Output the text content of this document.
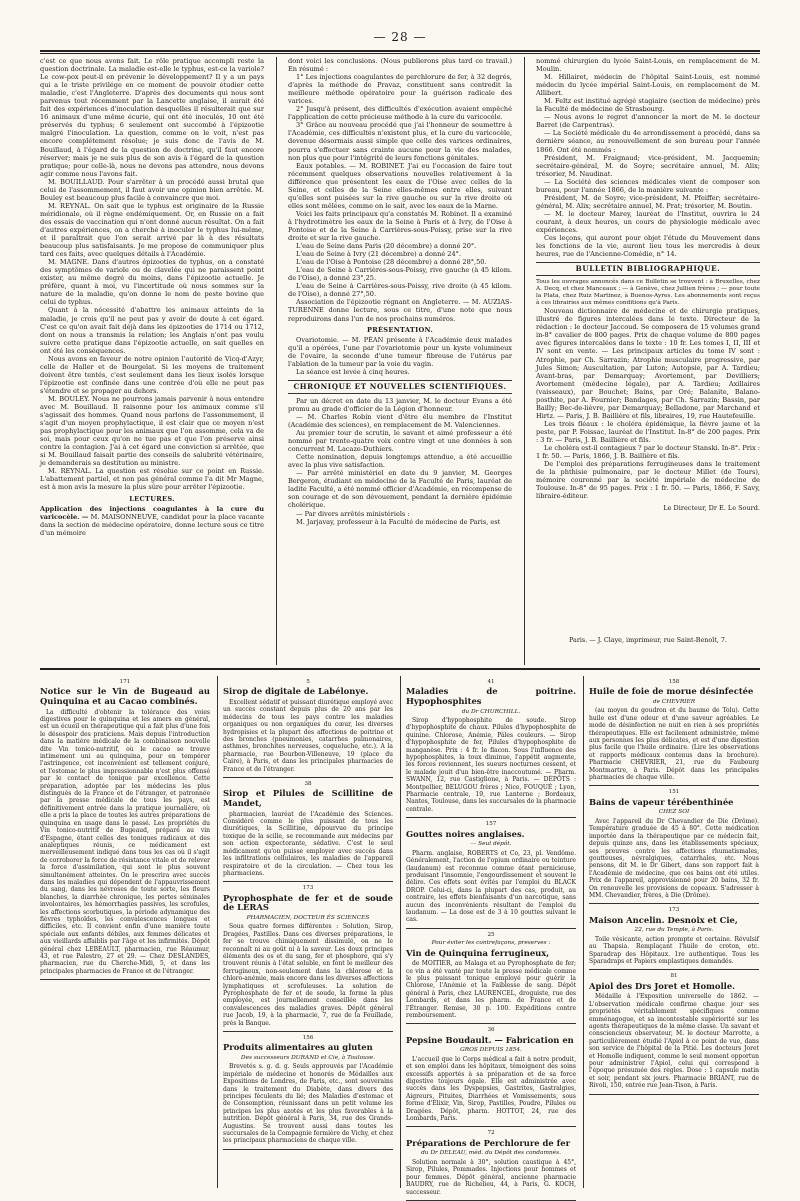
— 28 —

c'est ce que nous avons fait. Le rôle pratique accompli reste la question doctrinale. La maladie est-elle le typhus, est-ce la variole? Le cow-pox peut-il en prévenir le développement? Il y a un pays qui a le triste privilége en ce moment de pouvoir étudier cette maladie, c'est l'Angleterre. D'après des documents qui nous sont parvenus tout récemment par la Lancette anglaise, il aurait été fait des expériences d'inoculation desquelles il résulterait que sur 16 animaux d'une même écurie, qui ont été inoculés, 10 ont été préservés du typhus; 6 seulement ont succombé à l'épizootie malgré l'inoculation. La question, comme on le voit, n'est pas encore complétement résolue; je suis donc de l'avis de M. Bouillaud, à l'égard de la question de doctrine, qu'il faut encore réserver; mais je ne suis plus de son avis à l'égard de la question pratique; pour celle-là, nous ne devons pas attendre, nous devons agir comme nous l'avons fait.

M. BOUILLAUD. Pour s'arrêter à un procédé aussi brutal que celui de l'assommement, il faut avoir une opinion bien arrêtée. M. Bouley est beaucoup plus facile à convaincre que moi.

M. REYNAL. On sait que le typhus est originaire de la Russie méridionale, où il règne endémiquement. Or, en Russie on a fait des essais de vaccination qui n'ont donné aucun résultat. On a fait d'autres expériences, on a cherché à inoculer le typhus lui-même, et il paraîtrait que l'on serait arrivé par là à des résultats beaucoup plus satisfaisants. Je me propose de communiquer plus tard ces faits, avec quelques détails à l'Académie.

M. MAGNE. Dans d'autres épizooties de typhus, on a constaté des symptômes de variole ou de clavelée qui ne paraissent point exister, au même degré du moins, dans l'épizootie actuelle. Je préfère, quant à moi, vu l'incertitude où nous sommes sur la nature de la maladie, qu'on donne le nom de peste bovine que celui de typhus.

Quant à la nécessité d'abattre les animaux atteints de la maladie, je crois qu'il ne peut pas y avoir de doute à cet égard. C'est ce qu'on avait fait déjà dans les épizooties de 1714 ou 1712, dont on nous a transmis la relation; les Anglais n'ont pas voulu suivre cette pratique dans l'épizootie actuelle, on sait quelles en ont été les conséquences.

Nous avons en faveur de notre opinion l'autorité de Vicq-d'Azyr, celle de Haller et de Bourgelat. Si les moyens de traitement doivent être tentés, c'est seulement dans les lieux isolés lorsque l'épizootie est confinée dans une contrée d'où elle ne peut pas s'étendre et se propager au dehors.

M. BOULEY. Nous ne pourrons jamais parvenir à nous entendre avec M. Bouillaud. Il raisonne pour les animaux comme s'il s'agissait des hommes. Quand nous parlons de l'assommement, il s'agit d'un moyen prophylactique, il est clair que ce moyen n'est pas prophylactique pour les animaux que l'on assomme, cela va de soi, mais pour ceux qu'on ne tue pas et que l'on préserve ainsi contre la contagion. J'ai à cet égard une conviction si arrêtée, que si M. Bouillaud faisait partie des conseils de salubrité vétérinaire, je demanderais sa destitution au ministre.

M. REYNAL. La question est résolue sur ce point en Russie. L'abattement partiel, et non pas général comme l'a dit Mr Magne, est à mon avis la mesure la plus sûre pour arrêter l'épizootie.

LECTURES.

Application des injections coagulantes à la cure du varicocèle. — M. MAISONNEUVE, candidat pour la place vacante dans la section de médecine opératoire, donne lecture sous ce titre d'un mémoire

dont voici les conclusions. (Nous publierons plus tard ce travail.) En résumé :

1° Les injections coagulantes de perchlorure de fer, à 32 degrés, d'après la méthode de Pravaz, constituent sans contredit la meilleure méthode opératoire pour la guérison radicale des varices.

2° Jusqu'à présent, des difficultés d'exécution avaient empêché l'application de cette précieuse méthode à la cure du varicocèle.

3° Grâce au nouveau procédé que j'ai l'honneur de soumettre à l'Académie, ces difficultés n'existent plus, et la cure du varicocèle, devenue désormais aussi simple que celle des varices ordinaires, pourra s'effectuer sans crainte aucune pour la vie des malades, non plus que pour l'intégrité de leurs fonctions génitales.

Eaux potables. — M. ROBINET. J'ai eu l'occasion de faire tout récemment quelques observations nouvelles relativement à la différence que présentent les eaux de l'Oise avec celles de la Seine, et celles de la Seine elles-mêmes entre elles, suivant qu'elles sont puisées sur la rive gauche ou sur la rive droite où elles sont mêlées, comme on le sait, avec les eaux de la Marne.

Voici les faits principaux qu'a constatés M. Robinet. Il a examiné à l'hydrotimètre les eaux de la Seine à Paris et à Ivry, de l'Oise à Pontoise et de la Seine à Carrières-sous-Poissy, prise sur la rive droite et sur la rive gauche.

L'eau de Seine dans Paris (20 décembre) a donné 20°.

L'eau de Seine à Ivry (21 décembre) a donné 24°.

L'eau de l'Oise à Pontoise (28 décembre) a donné 28°,50.

L'eau de Seine à Carrières-sous-Poissy, rive gauche (à 45 kilom. de l'Oise), a donné 23°,25.

L'eau de Seine à Carrières-sous-Poissy, rive droite (à 45 kilom. de l'Oise), a donné 27°,50.

Association de l'épizootie régnant en Angleterre. — M. AUZIAS-TURENNE donne lecture, sous ce titre, d'une note que nous reproduirons dans l'un de nos prochains numéros.

PRÉSENTATION.

Ovariotomie. — M. PÉAN présente à l'Académie deux malades qu'il a opérées, l'une par l'ovariotomie pour un kyste volumineux de l'ovaire, la seconde d'une tumeur fibreuse de l'utérus par l'ablation de la tumeur par la voie du vagin.

La séance est levée à cinq heures.

CHRONIQUE ET NOUVELLES SCIENTIFIQUES.

Par un décret en date du 13 janvier, M. le docteur Evans a été promu au grade d'officier de la Légion d'honneur.

— M. Charles Robin vient d'être élu membre de l'Institut (Académie des sciences), en remplacement de M. Valenciennes.

Au premier tour de scrutin, le savant et aimé professeur a été nommé par trente-quatre voix contre vingt et une données à son concurrent M. Lacaze-Duthiers.

Cette nomination, depuis longtemps attendue, a été accueillie avec la plus vive satisfaction.

— Par arrêté ministériel en date du 9 janvier, M. Georges Bergeron, étudiant en médecine de la Faculté de Paris, lauréat de ladite Faculté, a été nommé officier d'Académie, en récompense de son courage et de son dévouement, pendant la dernière épidémie cholérique.

— Par divers arrêtés ministériels :

M. Jarjavay, professeur à la Faculté de médecine de Paris, est

nommé chirurgien du lycée Saint-Louis, en remplacement de M. Moulin.

M. Hillairet, médecin de l'hôpital Saint-Louis, est nommé médecin du lycée impérial Saint-Louis, en remplacement de M. Allibert.

M. Feltz est institué agrégé stagiaire (section de médecine) près la Faculté de médecine de Strasbourg.

— Nous avons le regret d'annoncer la mort de M. le docteur Barret (de Carpentras).

— La Société médicale du 4e arrondissement a procédé, dans sa dernière séance, au renouvellement de son bureau pour l'année 1866. Ont été nommés :

Président, M. Fraignaud; vice-président, M. Jacquemin; secrétaire-général, M. de Soyre; secrétaire annuel, M. Alix; trésorier, M. Naudinat.

— La Société des sciences médicales vient de composer son bureau, pour l'année 1866, de la manière suivante :

Président, M. de Soyre; vice-président, M. Pfeiffer; secrétaire-général, M. Alix; secrétaire annuel, M. Prat; trésorier, M. Boutin.

— M. le docteur Marey, lauréat de l'Institut, ouvrira le 24 courant, à deux heures, un cours de physiologie médicale avec expériences.

Ces leçons, qui auront pour objet l'étude du Mouvement dans les fonctions de la vie, auront lieu tous les mercredis à deux heures, rue de l'Ancienne-Comédie, n° 14.

BULLETIN BIBLIOGRAPHIQUE.

Tous les ouvrages annoncés dans ce Bulletin se trouvent : à Bruxelles, chez A. Decq, et chez Manceaux ; — à Genève, chez Jullien frères ; — pour toute la Plata, chez Ruiz Martinez, à Buenos-Ayres. Les abonnements sont reçus à ces librairies aux mêmes conditions qu'à Paris.

Nouveau dictionnaire de médecine et de chirurgie pratiques, illustré de figures intercalées dans le texte. Directeur de la rédaction : le docteur Jaccoud. Se composera de 15 volumes grand in-8° cavalier de 800 pages. Prix de chaque volume de 800 pages avec figures intercalées dans le texte : 10 fr. Les tomes I, II, III et IV sont en vente. — Les principaux articles du tome IV sont : Atrophie, par Ch. Sarrazin; Atrophie musculaire progressive, par Jules Simon; Auscultation, par Luton; Autopsie, par A. Tardieu; Avant-bras, par Demarquay; Avortement, par Devilliers; Avortement (médecine légale), par A. Tardieu; Axillaires (vaisseaux), par Bouchet; Bains, par Oré; Balanite, Balano-posthite, par A. Fournier; Bandages, par Ch. Sarrazin; Bassin, par Bailly; Bec-de-lièvre, par Demarquay; Belladone, par Marchand et Hirtz. — Paris, J. B. Baillière et fils, libraires, 19, rue Hautefeuille.

Les trois fléaux : le choléra épidémique, la fièvre jaune et la peste, par P. Foissac, lauréat de l'Institut. In-8° de 200 pages. Prix : 3 fr. — Paris, J. B. Baillière et fils.

Le choléra est-il contagieux ? par le docteur Stanski. In-8°. Prix : 1 fr. 50. — Paris, 1866, J. B. Baillière et fils.

De l'emploi des préparations ferrugineuses dans le traitement de la phthisie pulmonaire, par le docteur Millet (de Tours), mémoire couronné par la société impériale de médecine de Toulouse. In-8° de 95 pages. Prix : 1 fr. 50. — Paris, 1866, F. Savy, libraire-éditeur.

Le Directeur, Dr E. Le Sourd.
Paris. — J. Claye, imprimeur, rue Saint-Benoît, 7.
171
Notice sur le Vin de Bugeaud au Quinquina et au Cacao combinés.

La difficulté d'obtenir la tolérance des voies digestives pour le quinquina et les amers en général, est un écueil en thérapeutique qui a fait plus d'une fois le désespoir des praticiens. Mais depuis l'introduction dans la matière médicale de la combinaison nouvelle dite Vin tonico-nutritif, où le cacao se trouve intimement uni au quinquina, pour en tempérer l'astringence, cet inconvénient est tellement conjuré, et l'estomac le plus impressionnable n'est plus offensé par le contact de tonique par excellence. Cette préparation, adoptée par les médecins les plus distingués de la France et de l'étranger, et patronnée par la presse médicale de tous les pays, est définitivement entrée dans la pratique journalière, où elle a pris la place de toutes les autres préparations de quinquina en usage dans le passé. Les propriétés du Vin tonico-nutritif de Bugeaud, préparé au vin d'Espagne, étant celles des toniques radicaux et des analeptiques réunis, ce médicament est merveilleusement indiqué dans tous les cas où il s'agit de corroborer la force de résistance vitale et de relever la force d'assimilation, qui sont le plus souvent simultanément atteintes. On le prescrira avec succès dans les maladies qui dépendent de l'appauvrissement du sang, dans les névroses de toute sorte, les fleurs blanches, la diarrhée chronique, les pertes séminales involontaires, les hémorrhagies passives, les scrofules, les affections scorbutiques, la période adynamique des fièvres typhoïdes, les convalescences longues et difficiles, etc. Il convient enfin d'une manière toute spéciale aux enfants débiles, aux femmes délicates et aux vieillards affaiblis par l'âge et les infirmités. Dépôt général chez LEBEAULT, pharmacien, rue Réaumur, 43, et rue Palestro, 27 et 29. — Chez DESLANDES, pharmacien, rue du Cherche-Midi, 5, et dans les principales pharmacies de France et de l'étranger.

5
Sirop de digitale de Labélonye.

Excellent sédatif et puissant diurétique employé avec un succès constant depuis plus de 20 ans par les médecins de tous les pays contre les maladies organiques ou non organiques du cœur, les diverses hydropisies et la plupart des affections de poitrine et des bronches (pneumonies, catarrhes pulmonaires, asthmes, bronchites nerveuses, coqueluche, etc.). A la pharmacie, rue Bourbon-Villeneuve, 19 (place du Caire), à Paris, et dans les principales pharmacies de France et de l'étranger.

38
Sirop et Pilules de Scillitine de Mandet,

pharmacien, lauréat de l'Académie des Sciences. Considéré comme le plus puissant de tous les diurétiques, la Scillitine, dépourvue du principe toxique de la scille, se recommande aux médecins par son action expectorante, sédative. C'est le seul médicament qu'on puisse employer avec succès dans les infiltrations cellulaires, les maladies de l'appareil respiratoire et de la circulation. — Chez tous les pharmaciens.

173
Pyrophosphate de fer et de soude de LERAS
PHARMACIEN, DOCTEUR ÈS SCIENCES

Sous quatre formes différentes : Solution, Sirop, Dragées, Pastilles. Dans ces diverses préparations, le fer se trouve chimiquement dissimulé, on ne le reconnaît ni au goût ni à la saveur. Les doux principes éléments des os et du sang, fer et phosphore, qui s'y trouvent réunis à l'état soluble, en font le meilleur des ferrugineux, non-seulement dans la chlorose et la chloro-anémie, mais encore dans les diverses affections lymphatiques et scrofuleuses. La solution de Pyrophosphate de fer et de soude, la forme la plus employée, est journellement conseillée dans les convalescences des maladies graves. Dépôt général rue Jacob, 19, à la pharmacie, 7, rue de la Feuillade, près la Banque.

156
Produits alimentaires au gluten
Des successeurs DURAND et Cie, à Toulouse.

Brevetés s. g. d. g. Seuls approuvés par l'Académie impériale de médecine et honorés de Médailles aux Expositions de Londres, de Paris, etc., sont souverains dans le traitement du Diabète, dans divers des principes féculents du lié; des Maladies d'estomac et de Consomption, réunissant dans un petit volume les principes les plus azotés et les plus favorables à la nutrition. Dépôt général à Paris, 34, rue des Grands-Augustins. Se trouvent aussi dans toutes les succursales de la Compagnie fermière de Vichy, et chez les principaux pharmaciens de chaque ville.

41
Maladies de poitrine. Hypophosphites
du Dr CHURCHILL.

Sirop d'hypophosphite de soude. Sirop d'hypophosphite de chaux. Pilules d'hypophosphite de quinine. Chlorose, Anémie, Pâles couleurs. — Sirop d'hypophosphite de fer, Pilules d'hypophosphite de manganèse. Prix : 4 fr. le flacon. Sous l'influence des hypophosphites, la toux diminue, l'appétit augmente, les forces reviennent, les sueurs nocturnes cessent, et le malade jouit d'un bien-être inaccoutumé. — Pharm. SWANN, 12, rue Castiglione, à Paris. — DÉPÔTS : Montpellier, BELUGOU frères ; Nice, FOUQUÉ ; Lyon, Pharmacie centrale, 19, rue Lanterne ; Bordeaux, Nantes, Toulouse, dans les succursales de la pharmacie centrale.

157
Gouttes noires anglaises.
— Seul dépôt.

Pharm. anglaise, ROBERTS et Co, 23, pl. Vendôme. Généralement, l'action de l'opium ordinaire ou teinture (laudanum) est reconnue comme étant pernicieuse, produisant l'insomnie, l'engourdissement et souvent le délire. Ces effets sont évités par l'emploi du BLACK DROP. Celui-ci, dans la plupart des cas, produit, au contraire, les effets bienfaisants d'un narcotique, sans aucun des inconvénients résultant de l'emploi du laudanum. — La dose est de 3 à 10 gouttes suivant le cas.

25
Pour éviter les contrefaçons, preserves :
Vin de Quinquina ferrugineux,

de MOITIER, au Malaga et au Pyrophosphate de fer; ce vin a été vanté par toute la presse médicale comme le plus puissant tonique employé pour guérir la Chlorose, l'Anémie et la Faiblesse de sang. Dépôt général à Paris, chez LAURENCEL, droguiste, rue des Lombards, et dans les pharm. de France et de l'Étranger. Remise, 30 p. 100. Expéditions contre remboursement.

36
Pepsine Boudault. — Fabrication en
GROS DEPUIS 1854.

L'accueil que le Corps médical a fait à notre produit, et son emploi dans les hôpitaux, témoignent des soins excessifs apportés à sa préparation et de sa force digestive toujours égale. Elle est administrée avec succès dans les Dyspepsies, Gastrites, Gastralgies, Aigreurs, Pituites, Diarrhées et Vomissements, sous forme d'Élixir, Vin, Sirop, Pastilles, Poudre, Pilules ou Dragées. Dépôt, pharm. HOTTOT, 24, rue des Lombards, Paris.

72
Préparations de Perchlorure de fer
du Dr DELEAU, méd. du Dépôt des condamnés.

Solution normale à 30°, solution caustique à 45°, Sirop, Pilules, Pommades. Injections pour hommes et pour femmes. Dépôt général, ancienne pharmacie BAUDRY, rue de Richelieu, 44, à Paris, G. KOCH, successeur.

158
Huile de foie de morue désinfectée
de CHEVRIER

(au moyen du goudron et du baume de Tolu). Cette huile est d'une odeur et d'une saveur agréables. Le mode de désinfection ne nuit en rien à ses propriétés thérapeutiques. Elle est facilement administrée, même aux personnes les plus délicates, et est d'une digestion plus facile que l'huile ordinaire. (Lire les observations et rapports médicaux contenus dans la brochure). Pharmacie CHEVRIER, 21, rue du Faubourg Montmartre, à Paris. Dépôt dans les principales pharmacies de chaque ville.

151
Bains de vapeur térébenthinée
CHEZ SOI

Avec l'appareil du Dr Chevandier de Die (Drôme). Température graduée de 45 à 80°. Cette médication importée dans la thérapeutique par ce médecin fait, depuis quinze ans, dans les établissements spéciaux, ses preuves contre les affections rhumatismales, goutteuses, névralgiques, catarrhales, etc. Nous pensons, dit M. le Dr Gibert, dans son rapport fait à l'Académie de médecine, que ces bains ont été utiles. Prix de l'appareil, approvisionné pour 20 bains, 32 fr. On renouvelle les provisions de copeaux. S'adresser à MM. Chevandier, frères, à Die (Drôme).

173
Maison Ancelin. Desnoix et Cie,
22, rue du Temple, à Paris.

Toile vésicante, action prompte et certaine. Révulsif au Thapsia. Remplaçant l'huile de croton, etc. Sparadrap des Hôpitaux. 1re authentique. Tous les Sparadraps et Papiers emplastiques demandés.

81
Apiol des Drs Joret et Homolle.

Médaille à l'Exposition universelle de 1862. — L'observation médicale confirme chaque jour ses propriétés véritablement spécifiques comme emménagogue, et sa incontestable supériorité sur les agents thérapeutiques de la même classe. Un savant et consciencieux observateur, M. le docteur Marrotte, a particulièrement étudié l'Apiol à ce point de vue, dans son service de l'hôpital de la Pitié. Les docteurs Joret et Homolle indiquent, comme le seul moment opportun pour administrer l'Apiol, celui qui correspond à l'époque présumée des règles. Dose : 1 capsule matin et soir, pendant six jours. Pharmacie BRIANT, rue de Rivoli, 150, entrée rue Jean-Tison, à Paris.
